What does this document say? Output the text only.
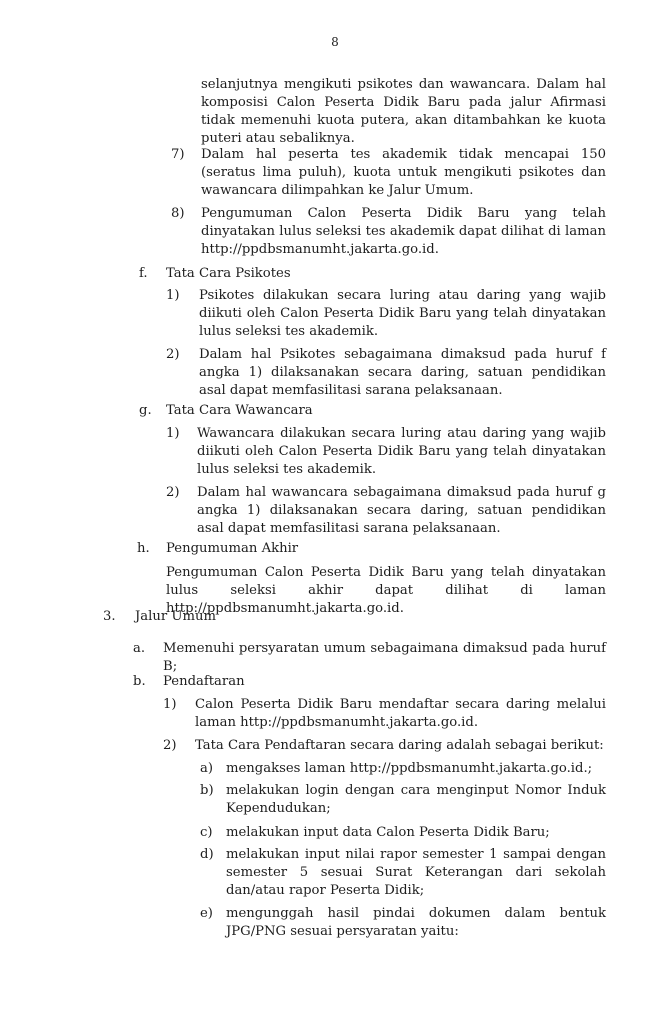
8

selanjutnya mengikuti psikotes dan wawancara. Dalam hal komposisi Calon Peserta Didik Baru pada jalur Afirmasi tidak memenuhi kuota putera, akan ditambahkan ke kuota puteri atau sebaliknya.

7) Dalam hal peserta tes akademik tidak mencapai 150 (seratus lima puluh), kuota untuk mengikuti psikotes dan wawancara dilimpahkan ke Jalur Umum.

8) Pengumuman Calon Peserta Didik Baru yang telah dinyatakan lulus seleksi tes akademik dapat dilihat di laman http://ppdbsmanumht.jakarta.go.id.

f. Tata Cara Psikotes
1) Psikotes dilakukan secara luring atau daring yang wajib diikuti oleh Calon Peserta Didik Baru yang telah dinyatakan lulus seleksi tes akademik.

2) Dalam hal Psikotes sebagaimana dimaksud pada huruf f angka 1) dilaksanakan secara daring, satuan pendidikan asal dapat memfasilitasi sarana pelaksanaan.

g. Tata Cara Wawancara
1) Wawancara dilakukan secara luring atau daring yang wajib diikuti oleh Calon Peserta Didik Baru yang telah dinyatakan lulus seleksi tes akademik.

2) Dalam hal wawancara sebagaimana dimaksud pada huruf g angka 1) dilaksanakan secara daring, satuan pendidikan asal dapat memfasilitasi sarana pelaksanaan.

h. Pengumuman Akhir

Pengumuman Calon Peserta Didik Baru yang telah dinyatakan lulus seleksi akhir dapat dilihat di laman http://ppdbsmanumht.jakarta.go.id.

3. Jalur Umum
a. Memenuhi persyaratan umum sebagaimana dimaksud pada huruf B;

b. Pendaftaran
1) Calon Peserta Didik Baru mendaftar secara daring melalui laman http://ppdbsmanumht.jakarta.go.id.

2) Tata Cara Pendaftaran secara daring adalah sebagai berikut:

a) mengakses laman http://ppdbsmanumht.jakarta.go.id.;

b) melakukan login dengan cara menginput Nomor Induk Kependudukan;

c) melakukan input data Calon Peserta Didik Baru;

d) melakukan input nilai rapor semester 1 sampai dengan semester 5 sesuai Surat Keterangan dari sekolah dan/atau rapor Peserta Didik;

e) mengunggah hasil pindai dokumen dalam bentuk JPG/PNG sesuai persyaratan yaitu:
